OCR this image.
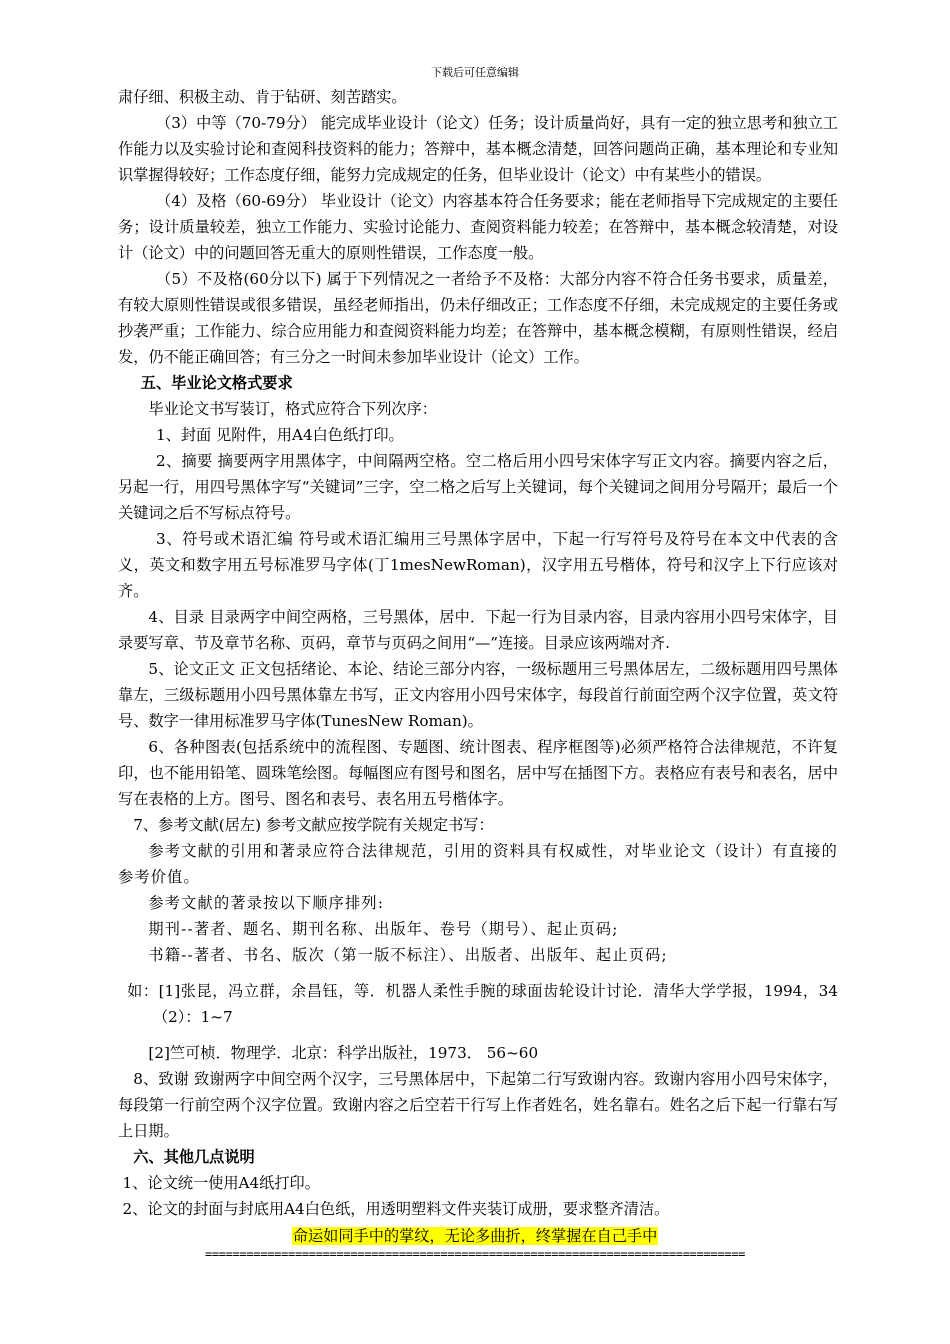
下载后可任意编辑

肃仔细、积极主动、肯于钻研、刻苦踏实。

（3）中等（70-79分） 能完成毕业设计（论文）任务；设计质量尚好，具有一定的独立思考和独立工作能力以及实验讨论和查阅科技资料的能力；答辩中，基本概念清楚，回答问题尚正确，基本理论和专业知识掌握得较好；工作态度仔细，能努力完成规定的任务，但毕业设计（论文）中有某些小的错误。

（4）及格（60-69分） 毕业设计（论文）内容基本符合任务要求；能在老师指导下完成规定的主要任务；设计质量较差，独立工作能力、实验讨论能力、查阅资料能力较差；在答辩中，基本概念较清楚，对设计（论文）中的问题回答无重大的原则性错误，工作态度一般。

（5）不及格(60分以下) 属于下列情况之一者给予不及格：大部分内容不符合任务书要求，质量差，有较大原则性错误或很多错误，虽经老师指出，仍未仔细改正；工作态度不仔细，未完成规定的主要任务或抄袭严重；工作能力、综合应用能力和查阅资料能力均差；在答辩中，基本概念模糊，有原则性错误，经启发，仍不能正确回答；有三分之一时间未参加毕业设计（论文）工作。

五、毕业论文格式要求

毕业论文书写装订，格式应符合下列次序：

1、封面 见附件，用A4白色纸打印。

2、摘要 摘要两字用黑体字，中间隔两空格。空二格后用小四号宋体字写正文内容。摘要内容之后，另起一行，用四号黑体字写“关键词”三字，空二格之后写上关键词，每个关键词之间用分号隔开；最后一个关键词之后不写标点符号。

3、符号或术语汇编 符号或术语汇编用三号黑体字居中，下起一行写符号及符号在本文中代表的含义，英文和数字用五号标准罗马字体(丁1mesNewRoman)，汉字用五号楷体，符号和汉字上下行应该对齐。

4、目录 目录两字中间空两格，三号黑体，居中．下起一行为目录内容，目录内容用小四号宋体字，目录要写章、节及章节名称、页码，章节与页码之间用“—”连接。目录应该两端对齐.

5、论文正文 正文包括绪论、本论、结论三部分内容，一级标题用三号黑体居左，二级标题用四号黑体靠左，三级标题用小四号黑体靠左书写，正文内容用小四号宋体字，每段首行前面空两个汉字位置，英文符号、数字一律用标准罗马字体(TunesNew Roman)。

6、各种图表(包括系统中的流程图、专题图、统计图表、程序框图等)必须严格符合法律规范，不许复印，也不能用铅笔、圆珠笔绘图。每幅图应有图号和图名，居中写在插图下方。表格应有表号和表名，居中写在表格的上方。图号、图名和表号、表名用五号楷体字。

7、参考文献(居左) 参考文献应按学院有关规定书写：

参考文献的引用和著录应符合法律规范，引用的资料具有权威性，对毕业论文（设计）有直接的参考价值。

参考文献的著录按以下顺序排列:

期刊--著者、题名、期刊名称、出版年、卷号（期号）、起止页码;

书籍--著者、书名、版次（第一版不标注）、出版者、出版年、起止页码;

如：[1]张昆，冯立群，余昌钰，等．机器人柔性手腕的球面齿轮设计讨论．清华大学学报，1994，34（2）：1~7

[2]竺可桢．物理学．北京：科学出版社，1973． 56~60

8、致谢 致谢两字中间空两个汉字，三号黑体居中，下起第二行写致谢内容。致谢内容用小四号宋体字，每段第一行前空两个汉字位置。致谢内容之后空若干行写上作者姓名，姓名靠右。姓名之后下起一行靠右写上日期。

六、其他几点说明

1、论文统一使用A4纸打印。

2、论文的封面与封底用A4白色纸，用透明塑料文件夹装订成册，要求整齐清洁。

命运如同手中的掌纹，无论多曲折，终掌握在自己手中
==============================================================================
